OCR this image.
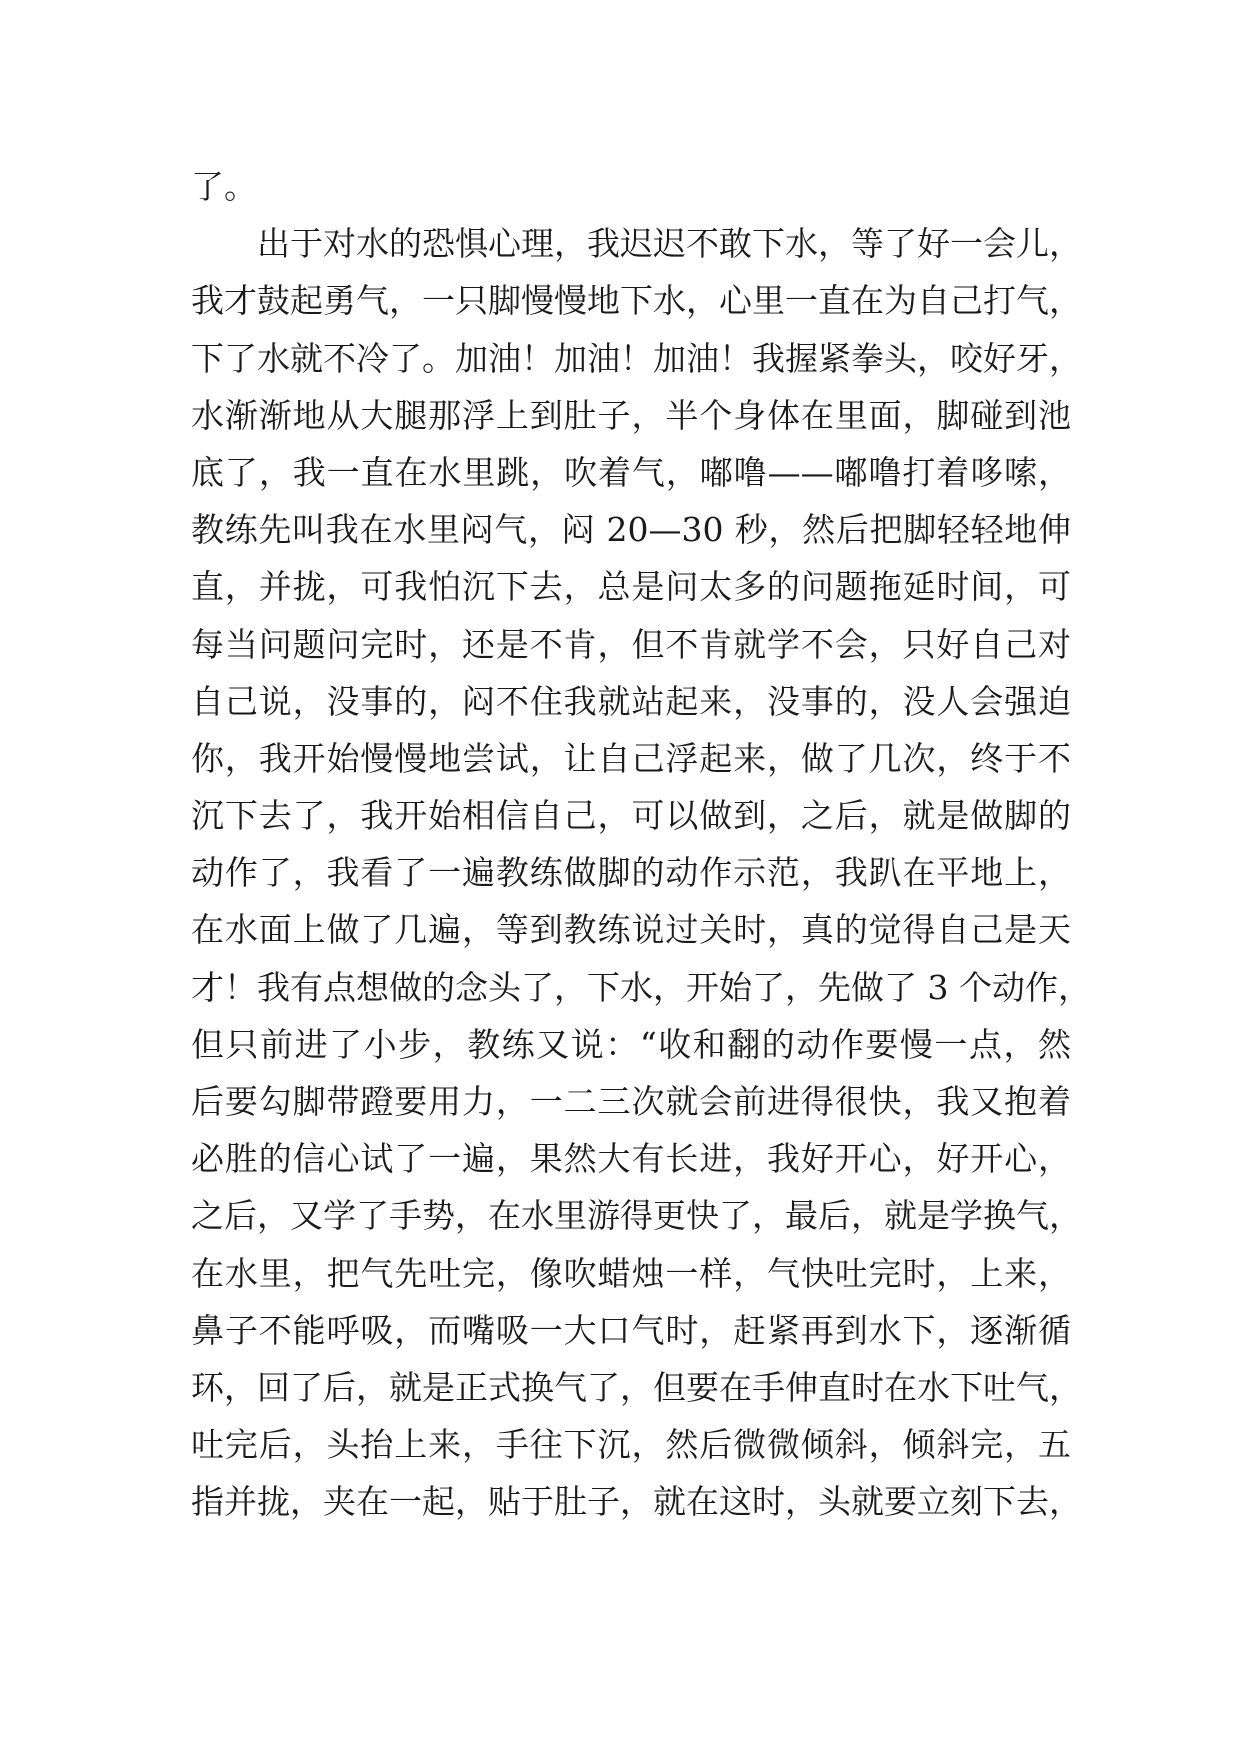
了。
　　出于对水的恐惧心理，我迟迟不敢下水，等了好一会儿，
我才鼓起勇气，一只脚慢慢地下水，心里一直在为自己打气，
下了水就不冷了。加油！加油！加油！我握紧拳头，咬好牙，
水渐渐地从大腿那浮上到肚子，半个身体在里面，脚碰到池
底了，我一直在水里跳，吹着气，嘟噜——嘟噜打着哆嗦，
教练先叫我在水里闷气，闷 20—30 秒，然后把脚轻轻地伸
直，并拢，可我怕沉下去，总是问太多的问题拖延时间，可
每当问题问完时，还是不肯，但不肯就学不会，只好自己对
自己说，没事的，闷不住我就站起来，没事的，没人会强迫
你，我开始慢慢地尝试，让自己浮起来，做了几次，终于不
沉下去了，我开始相信自己，可以做到，之后，就是做脚的
动作了，我看了一遍教练做脚的动作示范，我趴在平地上，
在水面上做了几遍，等到教练说过关时，真的觉得自己是天
才！我有点想做的念头了，下水，开始了，先做了 3 个动作，
但只前进了小步，教练又说：“收和翻的动作要慢一点，然
后要勾脚带蹬要用力，一二三次就会前进得很快，我又抱着
必胜的信心试了一遍，果然大有长进，我好开心，好开心，
之后，又学了手势，在水里游得更快了，最后，就是学换气，
在水里，把气先吐完，像吹蜡烛一样，气快吐完时，上来，
鼻子不能呼吸，而嘴吸一大口气时，赶紧再到水下，逐渐循
环，回了后，就是正式换气了，但要在手伸直时在水下吐气，
吐完后，头抬上来，手往下沉，然后微微倾斜，倾斜完，五
指并拢，夹在一起，贴于肚子，就在这时，头就要立刻下去，
